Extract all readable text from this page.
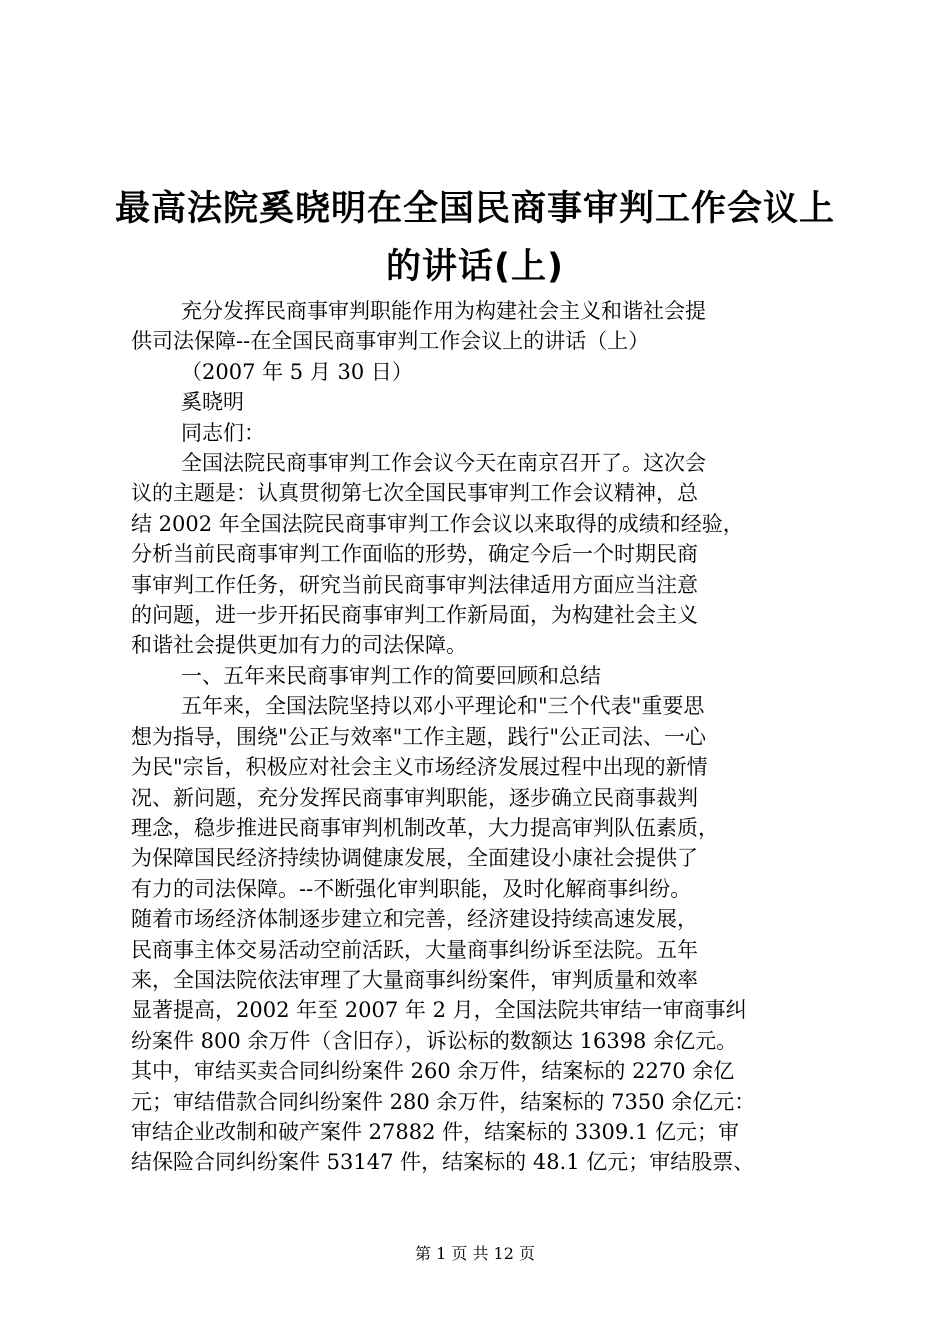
最高法院奚晓明在全国民商事审判工作会议上
的讲话(上)
充分发挥民商事审判职能作用为构建社会主义和谐社会提
供司法保障--在全国民商事审判工作会议上的讲话（上）
（2007 年 5 月 30 日）
奚晓明
同志们：
全国法院民商事审判工作会议今天在南京召开了。这次会
议的主题是：认真贯彻第七次全国民事审判工作会议精神，总
结 2002 年全国法院民商事审判工作会议以来取得的成绩和经验，
分析当前民商事审判工作面临的形势，确定今后一个时期民商
事审判工作任务，研究当前民商事审判法律适用方面应当注意
的问题，进一步开拓民商事审判工作新局面，为构建社会主义
和谐社会提供更加有力的司法保障。
一、五年来民商事审判工作的简要回顾和总结
五年来，全国法院坚持以邓小平理论和"三个代表"重要思
想为指导，围绕"公正与效率"工作主题，践行"公正司法、一心
为民"宗旨，积极应对社会主义市场经济发展过程中出现的新情
况、新问题，充分发挥民商事审判职能，逐步确立民商事裁判
理念，稳步推进民商事审判机制改革，大力提高审判队伍素质，
为保障国民经济持续协调健康发展，全面建设小康社会提供了
有力的司法保障。--不断强化审判职能，及时化解商事纠纷。
随着市场经济体制逐步建立和完善，经济建设持续高速发展，
民商事主体交易活动空前活跃，大量商事纠纷诉至法院。五年
来，全国法院依法审理了大量商事纠纷案件，审判质量和效率
显著提高，2002 年至 2007 年 2 月，全国法院共审结一审商事纠
纷案件 800 余万件（含旧存），诉讼标的数额达 16398 余亿元。
其中，审结买卖合同纠纷案件 260 余万件，结案标的 2270 余亿
元；审结借款合同纠纷案件 280 余万件，结案标的 7350 余亿元：
审结企业改制和破产案件 27882 件，结案标的 3309.1 亿元；审
结保险合同纠纷案件 53147 件，结案标的 48.1 亿元；审结股票、
第 1 页 共 12 页
